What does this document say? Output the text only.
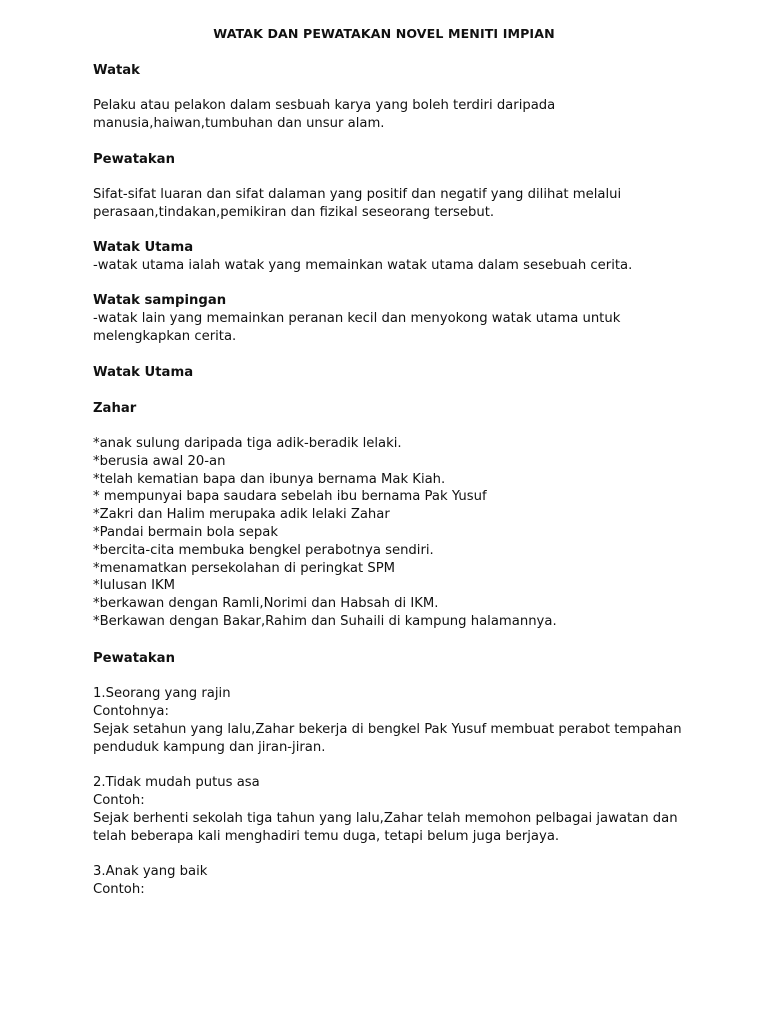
WATAK DAN PEWATAKAN NOVEL MENITI IMPIAN
Watak
Pelaku atau pelakon dalam sesbuah karya yang boleh terdiri daripada
manusia,haiwan,tumbuhan dan unsur alam.
Pewatakan
Sifat-sifat luaran dan sifat dalaman yang positif dan negatif yang dilihat melalui
perasaan,tindakan,pemikiran dan fizikal seseorang tersebut.
Watak Utama
-watak utama ialah watak yang memainkan watak utama dalam sesebuah cerita.
Watak sampingan
-watak lain yang memainkan peranan kecil dan menyokong watak utama untuk
melengkapkan cerita.
Watak Utama
Zahar
*anak sulung daripada tiga adik-beradik lelaki.
*berusia awal 20-an
*telah kematian bapa dan ibunya bernama Mak Kiah.
* mempunyai bapa saudara sebelah ibu bernama Pak Yusuf
*Zakri dan Halim merupaka adik lelaki Zahar
*Pandai bermain bola sepak
*bercita-cita membuka bengkel perabotnya sendiri.
*menamatkan persekolahan di peringkat SPM
*lulusan IKM
*berkawan dengan Ramli,Norimi dan Habsah di IKM.
*Berkawan dengan Bakar,Rahim dan Suhaili di kampung halamannya.
Pewatakan
1.Seorang yang rajin
Contohnya:
Sejak setahun yang lalu,Zahar bekerja di bengkel Pak Yusuf membuat perabot tempahan
penduduk kampung dan jiran-jiran.
2.Tidak mudah putus asa
Contoh:
Sejak berhenti sekolah tiga tahun yang lalu,Zahar telah memohon pelbagai jawatan dan
telah beberapa kali menghadiri temu duga, tetapi belum juga berjaya.
3.Anak yang baik
Contoh:
